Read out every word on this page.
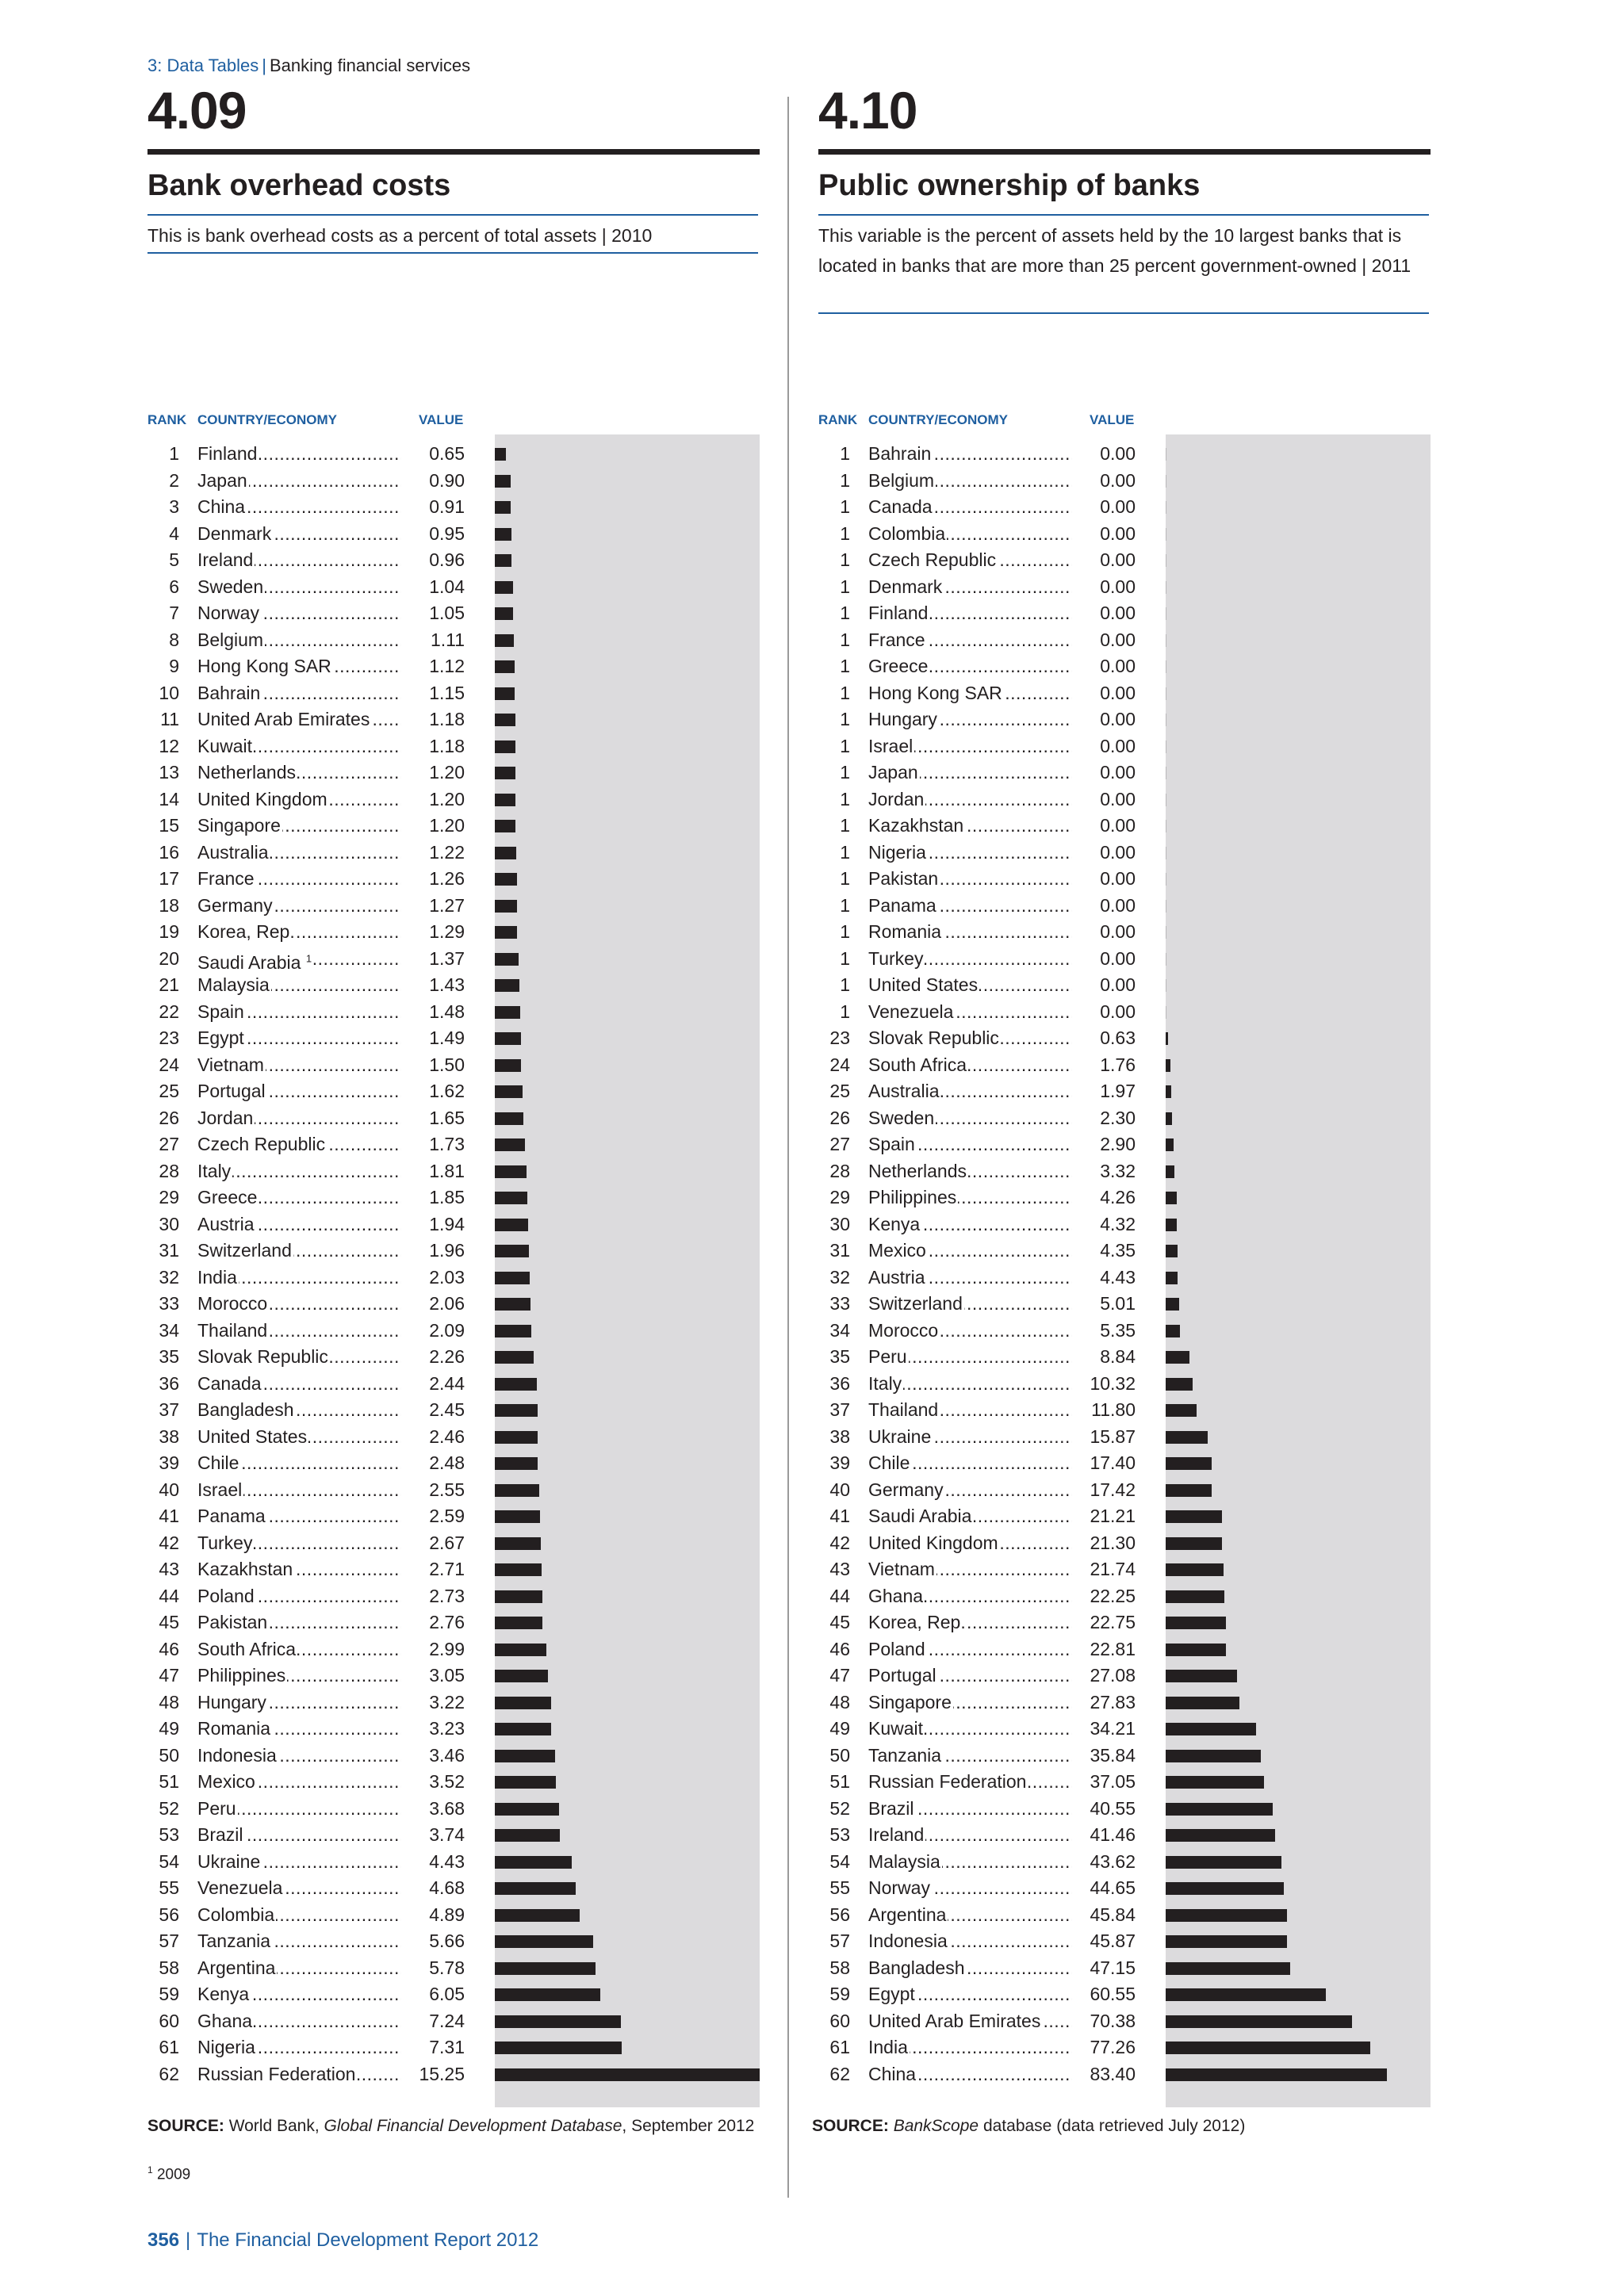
3: Data Tables | Banking financial services
4.09
Bank overhead costs
This is bank overhead costs as a percent of total assets | 2010
RANK COUNTRY/ECONOMY	VALUE
1 Finland .....	0.65
2 Japan .....	0.90
3 China .....	0.91
4 Denmark .....	0.95
5 Ireland .....	0.96
6 Sweden .....	1.04
7 Norway .....	1.05
8 Belgium .....	1.11
9 Hong Kong SAR .....	1.12
10 Bahrain .....	1.15
11 United Arab Emirates .....	1.18
12 Kuwait .....	1.18
13 Netherlands .....	1.20
14 United Kingdom .....	1.20
15 Singapore .....	1.20
16 Australia .....	1.22
17 France .....	1.26
18 Germany .....	1.27
19 Korea, Rep. .....	1.29
20 Saudi Arabia $^1$ .....	1.37
21 Malaysia .....	1.43
22 Spain .....	1.48
23 Egypt .....	1.49
24 Vietnam .....	1.50
25 Portugal .....	1.62
26 Jordan .....	1.65
27 Czech Republic .....	1.73
28 Italy .....	1.81
29 Greece .....	1.85
30 Austria .....	1.94
31 Switzerland .....	1.96
32 India .....	2.03
33 Morocco .....	2.06
34 Thailand .....	2.09
35 Slovak Republic .....	2.26
36 Canada .....	2.44
37 Bangladesh .....	2.45
38 United States .....	2.46
39 Chile .....	2.48
40 Israel .....	2.55
41 Panama .....	2.59
42 Turkey .....	2.67
43 Kazakhstan .....	2.71
44 Poland .....	2.73
45 Pakistan .....	2.76
46 South Africa .....	2.99
47 Philippines .....	3.05
48 Hungary .....	3.22
49 Romania .....	3.23
50 Indonesia .....	3.46
51 Mexico .....	3.52
52 Peru .....	3.68
53 Brazil .....	3.74
54 Ukraine .....	4.43
55 Venezuela .....	4.68
56 Colombia .....	4.89
57 Tanzania .....	5.66
58 Argentina .....	5.78
59 Kenya .....	6.05
60 Ghana .....	7.24
61 Nigeria .....	7.31
62 Russian Federation .....	15.25
SOURCE: World Bank, Global Financial Development Database, September 2012
4.10
Public ownership of banks
This variable is the percent of assets held by the 10 largest banks that is located in banks that are more than 25 percent government-owned | 2011
RANK COUNTRY/ECONOMY	VALUE
1 Bahrain .....	0.00
1 Belgium .....	0.00
1 Canada .....	0.00
1 Colombia .....	0.00
1 Czech Republic .....	0.00
1 Denmark .....	0.00
1 Finland .....	0.00
1 France .....	0.00
1 Greece .....	0.00
1 Hong Kong SAR .....	0.00
1 Hungary .....	0.00
1 Israel .....	0.00
1 Japan .....	0.00
1 Jordan .....	0.00
1 Kazakhstan .....	0.00
1 Nigeria .....	0.00
1 Pakistan .....	0.00
1 Panama .....	0.00
1 Romania .....	0.00
1 Turkey .....	0.00
1 United States .....	0.00
1 Venezuela .....	0.00
23 Slovak Republic .....	0.63
24 South Africa .....	1.76
25 Australia .....	1.97
26 Sweden .....	2.30
27 Spain .....	2.90
28 Netherlands .....	3.32
29 Philippines .....	4.26
30 Kenya .....	4.32
31 Mexico .....	4.35
32 Austria .....	4.43
33 Switzerland .....	5.01
34 Morocco .....	5.35
35 Peru .....	8.84
36 Italy .....	10.32
37 Thailand .....	11.80
38 Ukraine .....	15.87
39 Chile .....	17.40
40 Germany .....	17.42
41 Saudi Arabia .....	21.21
42 United Kingdom .....	21.30
43 Vietnam .....	21.74
44 Ghana .....	22.25
45 Korea, Rep. .....	22.75
46 Poland .....	22.81
47 Portugal .....	27.08
48 Singapore .....	27.83
49 Kuwait .....	34.21
50 Tanzania .....	35.84
51 Russian Federation .....	37.05
52 Brazil .....	40.55
53 Ireland .....	41.46
54 Malaysia .....	43.62
55 Norway .....	44.65
56 Argentina .....	45.84
57 Indonesia .....	45.87
58 Bangladesh .....	47.15
59 Egypt .....	60.55
60 United Arab Emirates .....	70.38
61 India .....	77.26
62 China .....	83.40
SOURCE: BankScope database (data retrieved July 2012)
$^1$ 2009
356 | The Financial Development Report 2012
